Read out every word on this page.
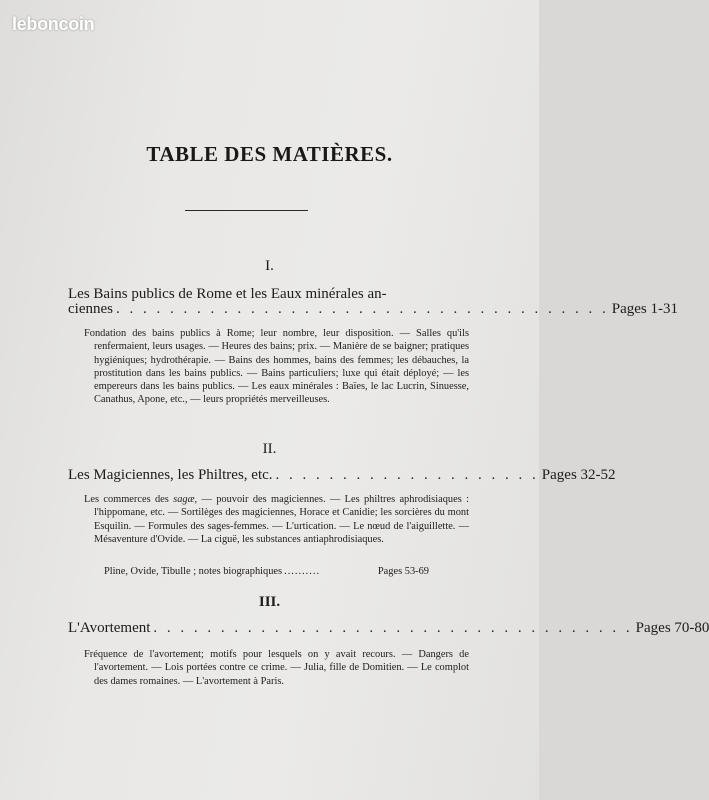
leboncoin
TABLE DES MATIÈRES.
I.
Les Bains publics de Rome et les Eaux minérales an-
ciennes . . . . . . . . . . . . . . . . . . . . . . . . . . . . . . . . . . . . . Pages 1-31

Fondation des bains publics à Rome; leur nombre, leur disposition. — Salles qu'ils renfermaient, leurs usages. — Heures des bains; prix. — Manière de se baigner; pratiques hygiéniques; hydrothérapie. — Bains des hommes, bains des femmes; les débauches, la prostitution dans les bains publics. — Bains particuliers; luxe qui était déployé; — les empereurs dans les bains publics. — Les eaux minérales : Baïes, le lac Lucrin, Sinuesse, Canathus, Apone, etc., — leurs propriétés merveilleuses.

II.
Les Magiciennes, les Philtres, etc. . . . . . . . . . . . . . . . . . . . . Pages 32-52

Les commerces des sagæ, — pouvoir des magiciennes. — Les philtres aphrodisiaques : l'hippomane, etc. — Sortilèges des magiciennes, Horace et Canidie; les sorcières du mont Esquilin. — Formules des sages-femmes. — L'urtication. — Le nœud de l'aiguillette. — Mésaventure d'Ovide. — La ciguë, les substances antiaphrodisiaques.

Pline, Ovide, Tibulle ; notes biographiques ..........	Pages 53-69
III.
L'Avortement . . . . . . . . . . . . . . . . . . . . . . . . . . . . . . . . . . . . Pages 70-80

Fréquence de l'avortement; motifs pour lesquels on y avait recours. — Dangers de l'avortement. — Lois portées contre ce crime. — Julia, fille de Domitien. — Le complot des dames romaines. — L'avortement à Paris.
